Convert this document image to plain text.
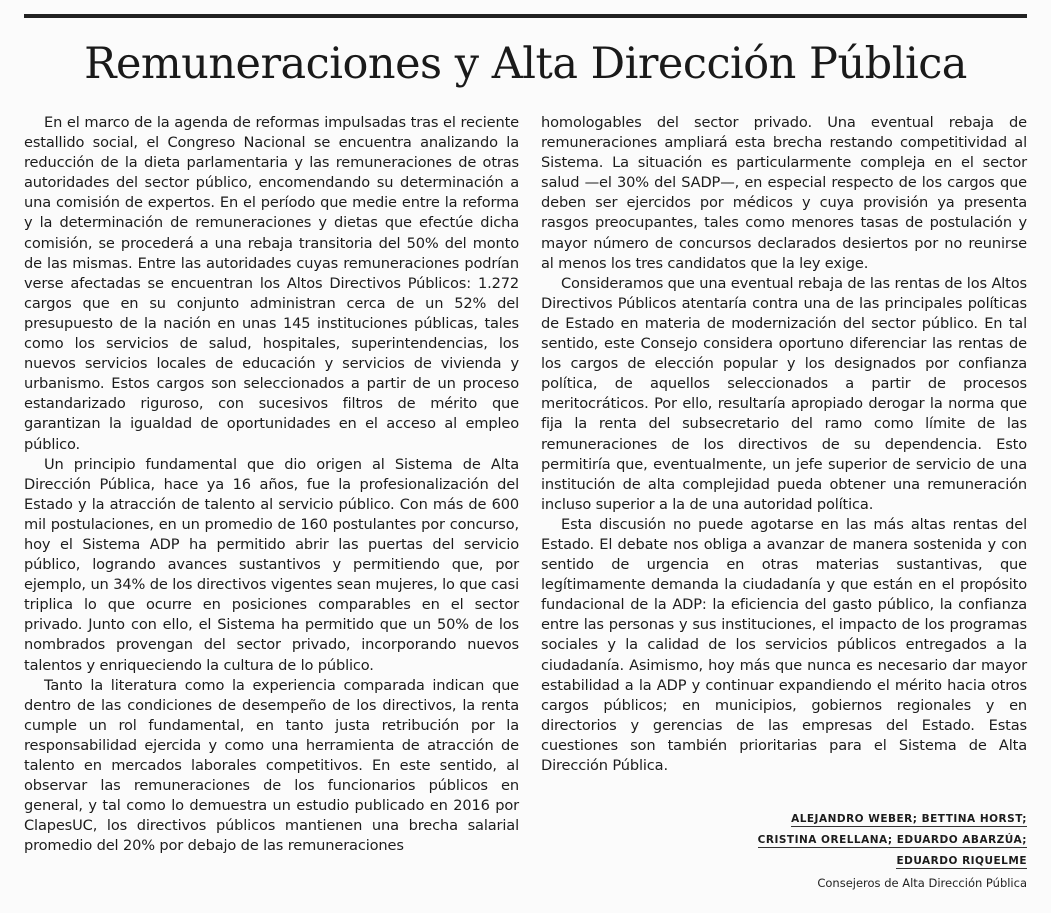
Remuneraciones y Alta Dirección Pública

En el marco de la agenda de reformas impulsadas tras el reciente estallido social, el Congreso Nacional se encuentra analizando la reducción de la dieta parlamentaria y las remuneraciones de otras autoridades del sector público, encomendando su determinación a una comisión de expertos. En el período que medie entre la reforma y la determinación de remuneraciones y dietas que efectúe dicha comisión, se procederá a una rebaja transitoria del 50% del monto de las mismas. Entre las autoridades cuyas remuneraciones podrían verse afectadas se encuentran los Altos Directivos Públicos: 1.272 cargos que en su conjunto administran cerca de un 52% del presupuesto de la nación en unas 145 instituciones públicas, tales como los servicios de salud, hospitales, superintendencias, los nuevos servicios locales de educación y servicios de vivienda y urbanismo. Estos cargos son seleccionados a partir de un proceso estandarizado riguroso, con sucesivos filtros de mérito que garantizan la igualdad de oportunidades en el acceso al empleo público.

Un principio fundamental que dio origen al Sistema de Alta Dirección Pública, hace ya 16 años, fue la profesionalización del Estado y la atracción de talento al servicio público. Con más de 600 mil postulaciones, en un promedio de 160 postulantes por concurso, hoy el Sistema ADP ha permitido abrir las puertas del servicio público, logrando avances sustantivos y permitiendo que, por ejemplo, un 34% de los directivos vigentes sean mujeres, lo que casi triplica lo que ocurre en posiciones comparables en el sector privado. Junto con ello, el Sistema ha permitido que un 50% de los nombrados provengan del sector privado, incorporando nuevos talentos y enriqueciendo la cultura de lo público.

Tanto la literatura como la experiencia comparada indican que dentro de las condiciones de desempeño de los directivos, la renta cumple un rol fundamental, en tanto justa retribución por la responsabilidad ejercida y como una herramienta de atracción de talento en mercados laborales competitivos. En este sentido, al observar las remuneraciones de los funcionarios públicos en general, y tal como lo demuestra un estudio publicado en 2016 por ClapesUC, los directivos públicos mantienen una brecha salarial promedio del 20% por debajo de las remuneraciones

homologables del sector privado. Una eventual rebaja de remuneraciones ampliará esta brecha restando competitividad al Sistema. La situación es particularmente compleja en el sector salud —el 30% del SADP—, en especial respecto de los cargos que deben ser ejercidos por médicos y cuya provisión ya presenta rasgos preocupantes, tales como menores tasas de postulación y mayor número de concursos declarados desiertos por no reunirse al menos los tres candidatos que la ley exige.

Consideramos que una eventual rebaja de las rentas de los Altos Directivos Públicos atentaría contra una de las principales políticas de Estado en materia de modernización del sector público. En tal sentido, este Consejo considera oportuno diferenciar las rentas de los cargos de elección popular y los designados por confianza política, de aquellos seleccionados a partir de procesos meritocráticos. Por ello, resultaría apropiado derogar la norma que fija la renta del subsecretario del ramo como límite de las remuneraciones de los directivos de su dependencia. Esto permitiría que, eventualmente, un jefe superior de servicio de una institución de alta complejidad pueda obtener una remuneración incluso superior a la de una autoridad política.

Esta discusión no puede agotarse en las más altas rentas del Estado. El debate nos obliga a avanzar de manera sostenida y con sentido de urgencia en otras materias sustantivas, que legítimamente demanda la ciudadanía y que están en el propósito fundacional de la ADP: la eficiencia del gasto público, la confianza entre las personas y sus instituciones, el impacto de los programas sociales y la calidad de los servicios públicos entregados a la ciudadanía. Asimismo, hoy más que nunca es necesario dar mayor estabilidad a la ADP y continuar expandiendo el mérito hacia otros cargos públicos; en municipios, gobiernos regionales y en directorios y gerencias de las empresas del Estado. Estas cuestiones son también prioritarias para el Sistema de Alta Dirección Pública.

ALEJANDRO WEBER; BETTINA HORST;
CRISTINA ORELLANA; EDUARDO ABARZÚA;
EDUARDO RIQUELME
Consejeros de Alta Dirección Pública
